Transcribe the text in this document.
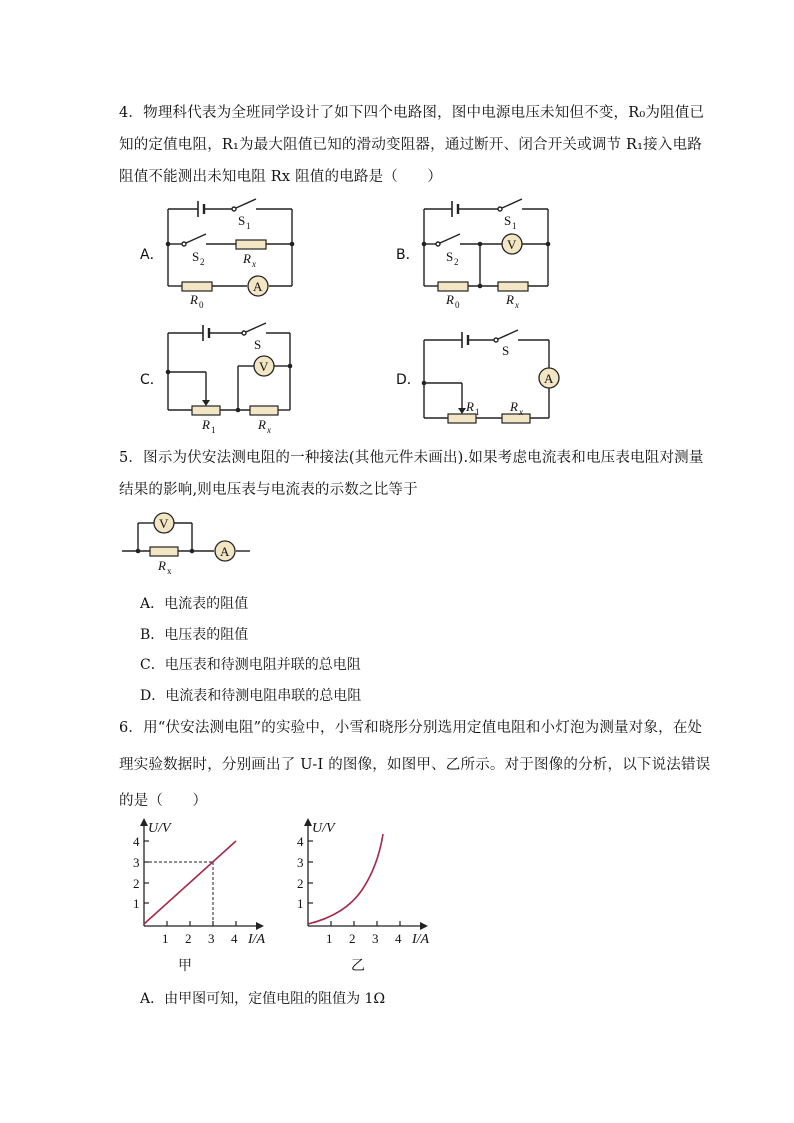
4．物理科代表为全班同学设计了如下四个电路图，图中电源电压未知但不变，R₀为阻值已
知的定值电阻，R₁为最大阻值已知的滑动变阻器，通过断开、闭合开关或调节 R₁接入电路
阻值不能测出未知电阻 Rx 阻值的电路是（　　）
A．	B．
C．	D．
A
S 1
S 2	R x
R 0
V
S 1
S 2
R 0	R x
V
S
R 1	R x
A
S
R 1 R x
5．图示为伏安法测电阻的一种接法(其他元件未画出).如果考虑电流表和电压表电阻对测量
结果的影响,则电压表与电流表的示数之比等于
V
A
R x
A．电流表的阻值
B．电压表的阻值
C．电压表和待测电阻并联的总电阻
D．电流表和待测电阻串联的总电阻
6．用“伏安法测电阻”的实验中，小雪和晓彤分别选用定值电阻和小灯泡为测量对象，在处
理实验数据时，分别画出了 U-I 的图像，如图甲、乙所示。对于图像的分析，以下说法错误
的是（　　）
1 2 3 4
1
2
3
4
U/V
I/A
甲
1 2 3 4
1
2
3
4
U/V
I/A
乙
A．由甲图可知，定值电阻的阻值为 1Ω
